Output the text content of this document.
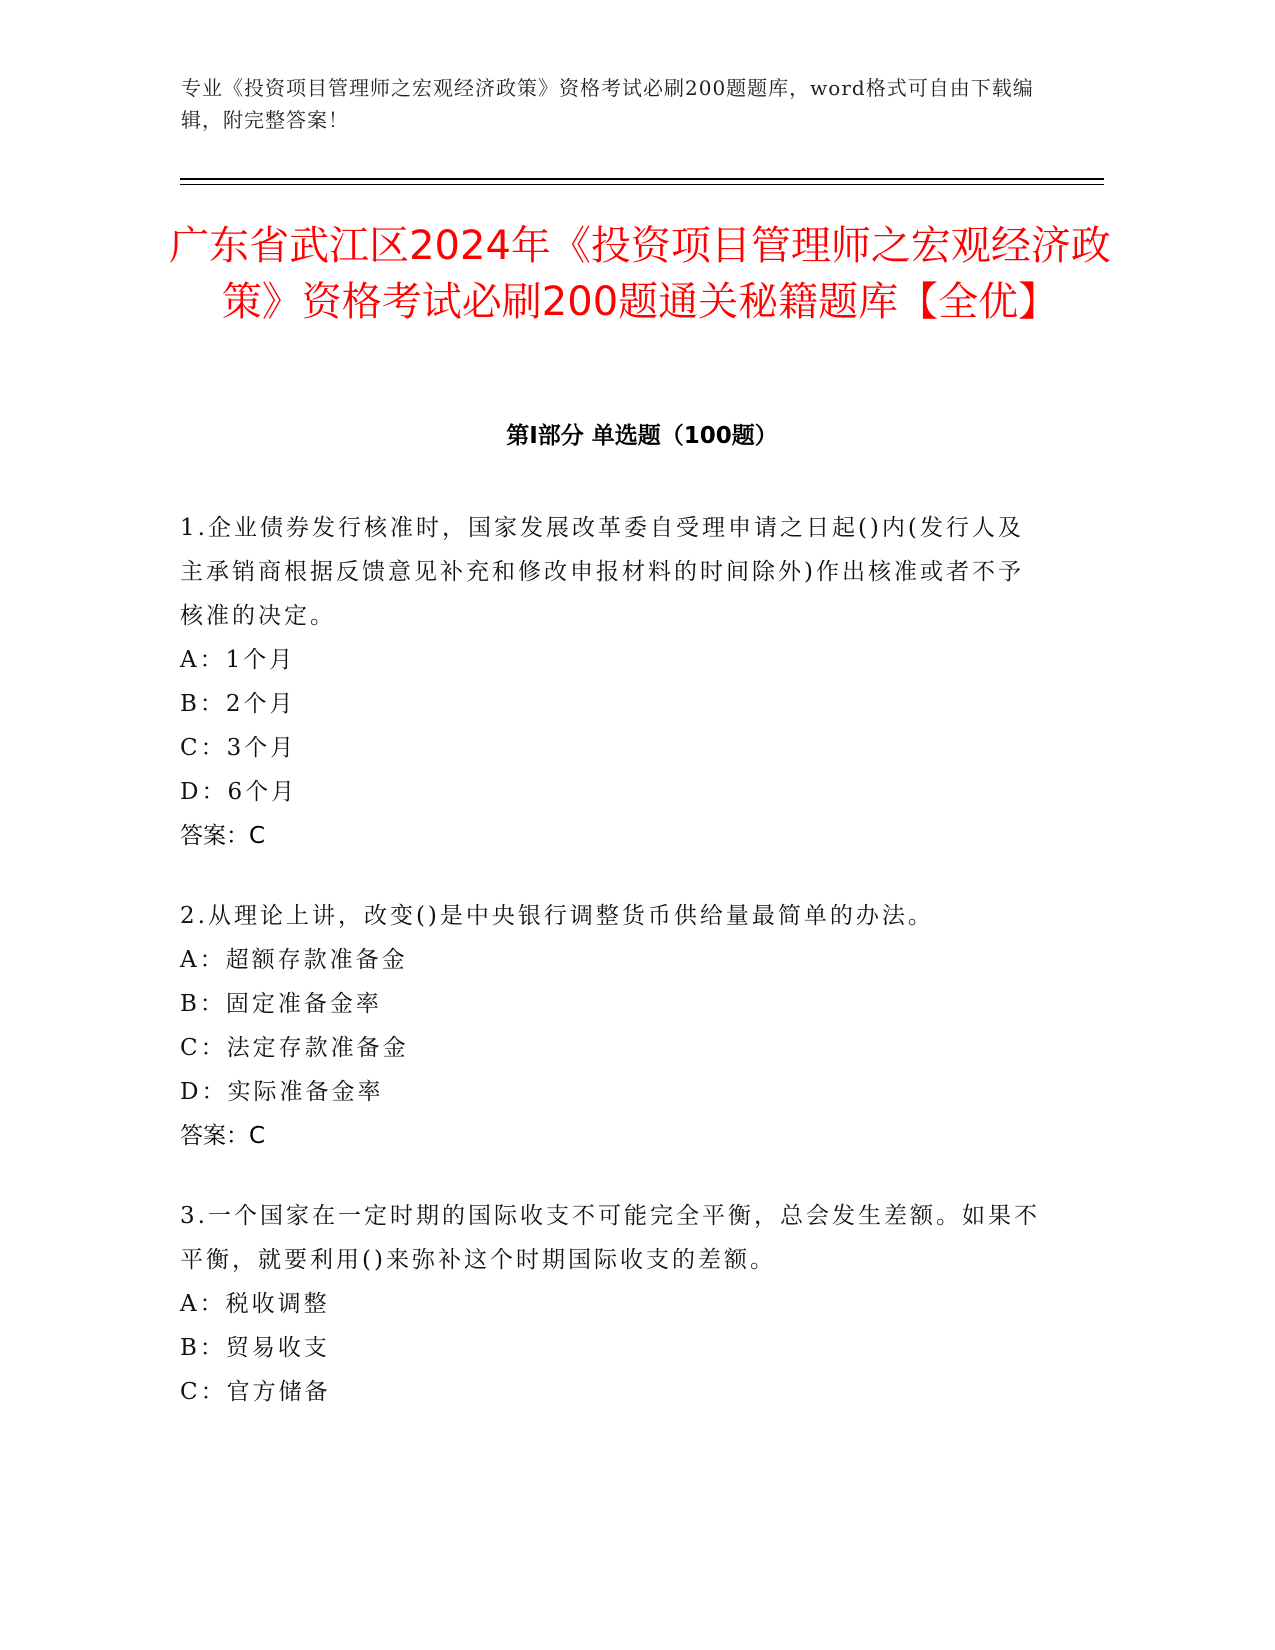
专业《投资项目管理师之宏观经济政策》资格考试必刷200题题库，word格式可自由下载编辑，附完整答案！
广东省武江区2024年《投资项目管理师之宏观经济政策》资格考试必刷200题通关秘籍题库【全优】
第Ⅰ部分 单选题（100题）

1.企业债券发行核准时，国家发展改革委自受理申请之日起()内(发行人及主承销商根据反馈意见补充和修改申报材料的时间除外)作出核准或者不予核准的决定。

A：1个月

B：2个月

C：3个月

D：6个月

答案：C

2.从理论上讲，改变()是中央银行调整货币供给量最简单的办法。

A：超额存款准备金

B：固定准备金率

C：法定存款准备金

D：实际准备金率

答案：C

3.一个国家在一定时期的国际收支不可能完全平衡，总会发生差额。如果不平衡，就要利用()来弥补这个时期国际收支的差额。

A：税收调整

B：贸易收支

C：官方储备
